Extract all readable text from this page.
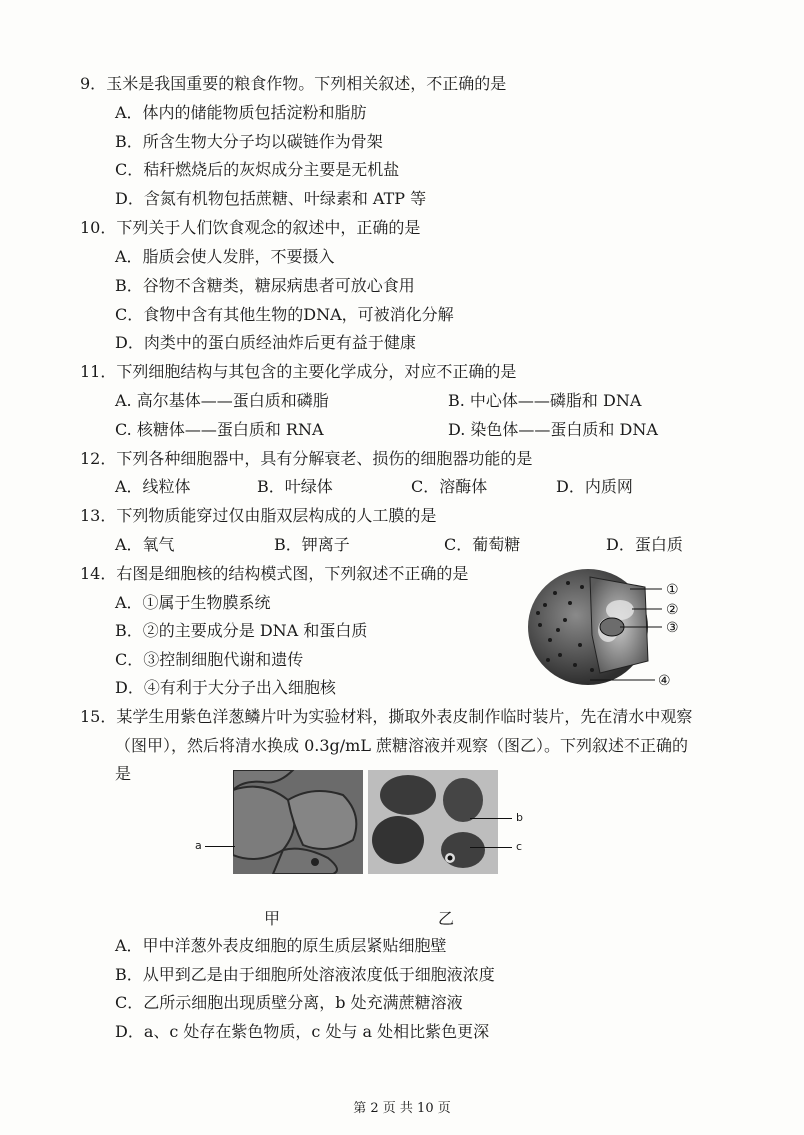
9．玉米是我国重要的粮食作物。下列相关叙述，不正确的是
A．体内的储能物质包括淀粉和脂肪
B．所含生物大分子均以碳链作为骨架
C．秸秆燃烧后的灰烬成分主要是无机盐
D．含氮有机物包括蔗糖、叶绿素和 ATP 等
10．下列关于人们饮食观念的叙述中，正确的是
A．脂质会使人发胖，不要摄入
B．谷物不含糖类，糖尿病患者可放心食用
C．食物中含有其他生物的DNA，可被消化分解
D．肉类中的蛋白质经油炸后更有益于健康
11．下列细胞结构与其包含的主要化学成分，对应不正确的是
A. 高尔基体——蛋白质和磷脂	B. 中心体——磷脂和 DNA
C. 核糖体——蛋白质和 RNA	D. 染色体——蛋白质和 DNA
12．下列各种细胞器中，具有分解衰老、损伤的细胞器功能的是
A．线粒体	B．叶绿体	C．溶酶体	D．内质网
13．下列物质能穿过仅由脂双层构成的人工膜的是
A．氧气	B．钾离子	C．葡萄糖	D．蛋白质
14．右图是细胞核的结构模式图，下列叙述不正确的是
A．①属于生物膜系统
B．②的主要成分是 DNA 和蛋白质
C．③控制细胞代谢和遗传
D．④有利于大分子出入细胞核
①
②
③
④
15．某学生用紫色洋葱鳞片叶为实验材料，撕取外表皮制作临时装片，先在清水中观察
（图甲），然后将清水换成 0.3g/mL 蔗糖溶液并观察（图乙）。下列叙述不正确的
是
a
b
c
甲	乙
A．甲中洋葱外表皮细胞的原生质层紧贴细胞壁
B．从甲到乙是由于细胞所处溶液浓度低于细胞液浓度
C．乙所示细胞出现质壁分离，b 处充满蔗糖溶液
D．a、c 处存在紫色物质，c 处与 a 处相比紫色更深
第 2 页 共 10 页
